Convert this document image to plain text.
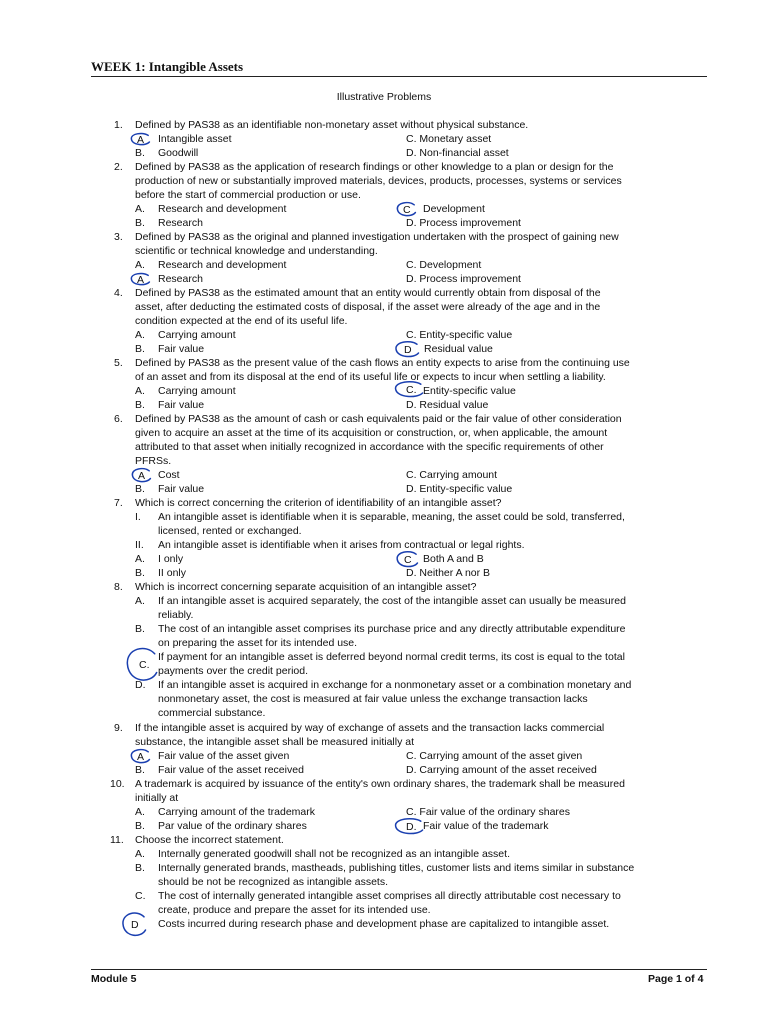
WEEK 1: Intangible Assets
Illustrative Problems
1. Defined by PAS38 as an identifiable non-monetary asset without physical substance.
Intangible asset	C. Monetary asset
B. Goodwill	D. Non-financial asset
2. Defined by PAS38 as the application of research findings or other knowledge to a plan or design for the
production of new or substantially improved materials, devices, products, processes, systems or services
before the start of commercial production or use.
A. Research and development	Development
B. Research	D. Process improvement
3. Defined by PAS38 as the original and planned investigation undertaken with the prospect of gaining new
scientific or technical knowledge and understanding.
A. Research and development	C. Development
Research	D. Process improvement
4. Defined by PAS38 as the estimated amount that an entity would currently obtain from disposal of the
asset, after deducting the estimated costs of disposal, if the asset were already of the age and in the
condition expected at the end of its useful life.
A. Carrying amount	C. Entity-specific value
B. Fair value	Residual value
5. Defined by PAS38 as the present value of the cash flows an entity expects to arise from the continuing use
of an asset and from its disposal at the end of its useful life or expects to incur when settling a liability.
A. Carrying amount	Entity-specific value
B. Fair value	D. Residual value
6. Defined by PAS38 as the amount of cash or cash equivalents paid or the fair value of other consideration
given to acquire an asset at the time of its acquisition or construction, or, when applicable, the amount
attributed to that asset when initially recognized in accordance with the specific requirements of other
PFRSs.
Cost	C. Carrying amount
B. Fair value	D. Entity-specific value
7. Which is correct concerning the criterion of identifiability of an intangible asset?
I. An intangible asset is identifiable when it is separable, meaning, the asset could be sold, transferred,
licensed, rented or exchanged.
II. An intangible asset is identifiable when it arises from contractual or legal rights.
A. I only	Both A and B
B. II only	D. Neither A nor B
8. Which is incorrect concerning separate acquisition of an intangible asset?
A. If an intangible asset is acquired separately, the cost of the intangible asset can usually be measured
reliably.
B. The cost of an intangible asset comprises its purchase price and any directly attributable expenditure
on preparing the asset for its intended use.
If payment for an intangible asset is deferred beyond normal credit terms, its cost is equal to the total
payments over the credit period.
D. If an intangible asset is acquired in exchange for a nonmonetary asset or a combination monetary and
nonmonetary asset, the cost is measured at fair value unless the exchange transaction lacks
commercial substance.
9. If the intangible asset is acquired by way of exchange of assets and the transaction lacks commercial
substance, the intangible asset shall be measured initially at
Fair value of the asset given	C. Carrying amount of the asset given
B. Fair value of the asset received	D. Carrying amount of the asset received
10. A trademark is acquired by issuance of the entity's own ordinary shares, the trademark shall be measured
initially at
A. Carrying amount of the trademark	C. Fair value of the ordinary shares
B. Par value of the ordinary shares	Fair value of the trademark
11. Choose the incorrect statement.
A. Internally generated goodwill shall not be recognized as an intangible asset.
B. Internally generated brands, mastheads, publishing titles, customer lists and items similar in substance
should be not be recognized as intangible assets.
C. The cost of internally generated intangible asset comprises all directly attributable cost necessary to
create, produce and prepare the asset for its intended use.
Costs incurred during research phase and development phase are capitalized to intangible asset.
A
C
A
D
C.
A
C
C.
A
D.
D
Module 5	Page 1 of 4
